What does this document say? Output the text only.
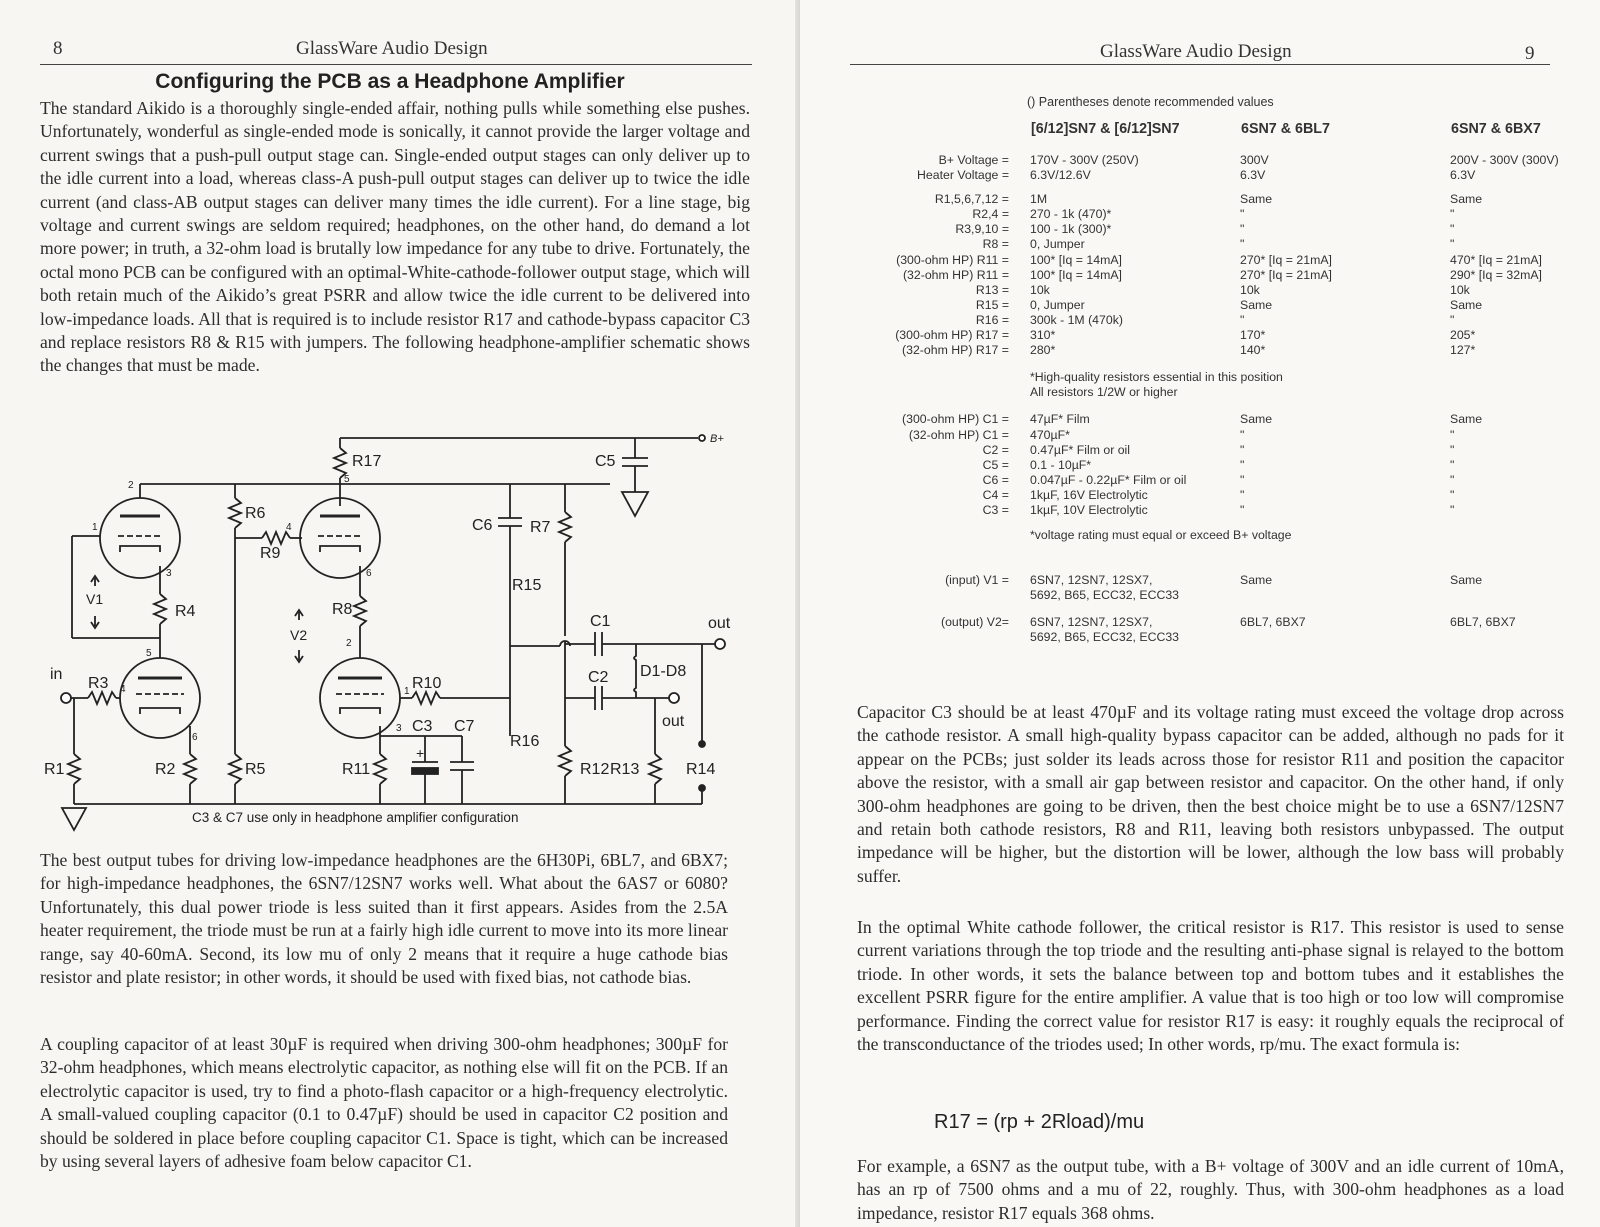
8	GlassWare Audio Design
Configuring the PCB as a Headphone Amplifier
The standard Aikido is a thoroughly single-ended affair, nothing pulls while something else pushes. Unfortunately, wonderful as single-ended mode is sonically, it cannot provide the larger voltage and current swings that a push-pull output stage can. Single-ended output stages can only deliver up to the idle current into a load, whereas class-A push-pull output stages can deliver up to twice the idle current (and class-AB output stages can deliver many times the idle current). For a line stage, big voltage and current swings are seldom required; headphones, on the other hand, do demand a lot more power; in truth, a 32-ohm load is brutally low impedance for any tube to drive. Fortunately, the octal mono PCB can be configured with an optimal-White-cathode-follower output stage, which will both retain much of the Aikido’s great PSRR and allow twice the idle current to be delivered into low-impedance loads. All that is required is to include resistor R17 and cathode-bypass capacitor C3 and replace resistors R8 & R15 with jumpers. The following headphone-amplifier schematic shows the changes that must be made.
B+
R17
5
C5
2
1
3
R4
5
V1
in
R3 4
R1
6
R2
R6
R5
R9
4
6
R8
2
V2
1 R10
3 C3 C7
R11
+
C6 R7
R15
R16
R12
C1	out
C2
out
D1-D8
R13	R14
C3 & C7 use only in headphone amplifier configuration
The best output tubes for driving low-impedance headphones are the 6H30Pi, 6BL7, and 6BX7; for high-impedance headphones, the 6SN7/12SN7 works well. What about the 6AS7 or 6080? Unfortunately, this dual power triode is less suited than it first appears. Asides from the 2.5A heater requirement, the triode must be run at a fairly high idle current to move into its more linear range, say 40-60mA. Second, its low mu of only 2 means that it require a huge cathode bias resistor and plate resistor; in other words, it should be used with fixed bias, not cathode bias.
A coupling capacitor of at least 30µF is required when driving 300-ohm headphones; 300µF for 32-ohm headphones, which means electrolytic capacitor, as nothing else will fit on the PCB. If an electrolytic capacitor is used, try to find a photo-flash capacitor or a high-frequency electrolytic. A small-valued coupling capacitor (0.1 to 0.47µF) should be used in capacitor C2 position and should be soldered in place before coupling capacitor C1. Space is tight, which can be increased by using several layers of adhesive foam below capacitor C1.
GlassWare Audio Design	9
() Parentheses denote recommended values
	[6/12]SN7 & [6/12]SN7	6SN7 & 6BL7	6SN7 & 6BX7
B+ Voltage =	170V - 300V (250V)	300V	200V - 300V (300V)
Heater Voltage =	6.3V/12.6V	6.3V	6.3V

R1,5,6,7,12 =	1M	Same	Same
R2,4 =	270 - 1k (470)*	"	"
R3,9,10 =	100 - 1k (300)*	"	"
R8 =	0, Jumper	"	"
(300-ohm HP) R11 =	100* [Iq = 14mA]	270* [Iq = 21mA]	470* [Iq = 21mA]
(32-ohm HP) R11 =	100* [Iq = 14mA]	270* [Iq = 21mA]	290* [Iq = 32mA]
R13 =	10k	10k	10k
R15 =	0, Jumper	Same	Same
R16 =	300k - 1M (470k)	"	"
(300-ohm HP) R17 =	310*	170*	205*
(32-ohm HP) R17 =	280*	140*	127*

	*High-quality resistors essential in this position		
	All resistors 1/2W or higher		

(300-ohm HP) C1 =	47µF* Film	Same	Same
(32-ohm HP) C1 =	470µF*	"	"
C2 =	0.47µF* Film or oil	"	"
C5 =	0.1 - 10µF*	"	"
C6 =	0.047µF - 0.22µF* Film or oil	"	"
C4 =	1kµF, 16V Electrolytic	"	"
C3 =	1kµF, 10V Electrolytic	"	"

	*voltage rating must equal or exceed B+ voltage		

(input) V1 =	6SN7, 12SN7, 12SX7,
5692, B65, ECC32, ECC33	Same	Same

(output) V2=	6SN7, 12SN7, 12SX7,
5692, B65, ECC32, ECC33	6BL7, 6BX7	6BL7, 6BX7
Capacitor C3 should be at least 470µF and its voltage rating must exceed the voltage drop across the cathode resistor. A small high-quality bypass capacitor can be added, although no pads for it appear on the PCBs; just solder its leads across those for resistor R11 and position the capacitor above the resistor, with a small air gap between resistor and capacitor. On the other hand, if only 300-ohm headphones are going to be driven, then the best choice might be to use a 6SN7/12SN7 and retain both cathode resistors, R8 and R11, leaving both resistors unbypassed. The output impedance will be higher, but the distortion will be lower, although the low bass will probably suffer.
In the optimal White cathode follower, the critical resistor is R17. This resistor is used to sense current variations through the top triode and the resulting anti-phase signal is relayed to the bottom triode. In other words, it sets the balance between top and bottom tubes and it establishes the excellent PSRR figure for the entire amplifier. A value that is too high or too low will compromise performance. Finding the correct value for resistor R17 is easy: it roughly equals the reciprocal of the transconductance of the triodes used; In other words, rp/mu. The exact formula is:
R17 = (rp + 2Rload)/mu
For example, a 6SN7 as the output tube, with a B+ voltage of 300V and an idle current of 10mA, has an rp of 7500 ohms and a mu of 22, roughly. Thus, with 300-ohm headphones as a load impedance, resistor R17 equals 368 ohms.
